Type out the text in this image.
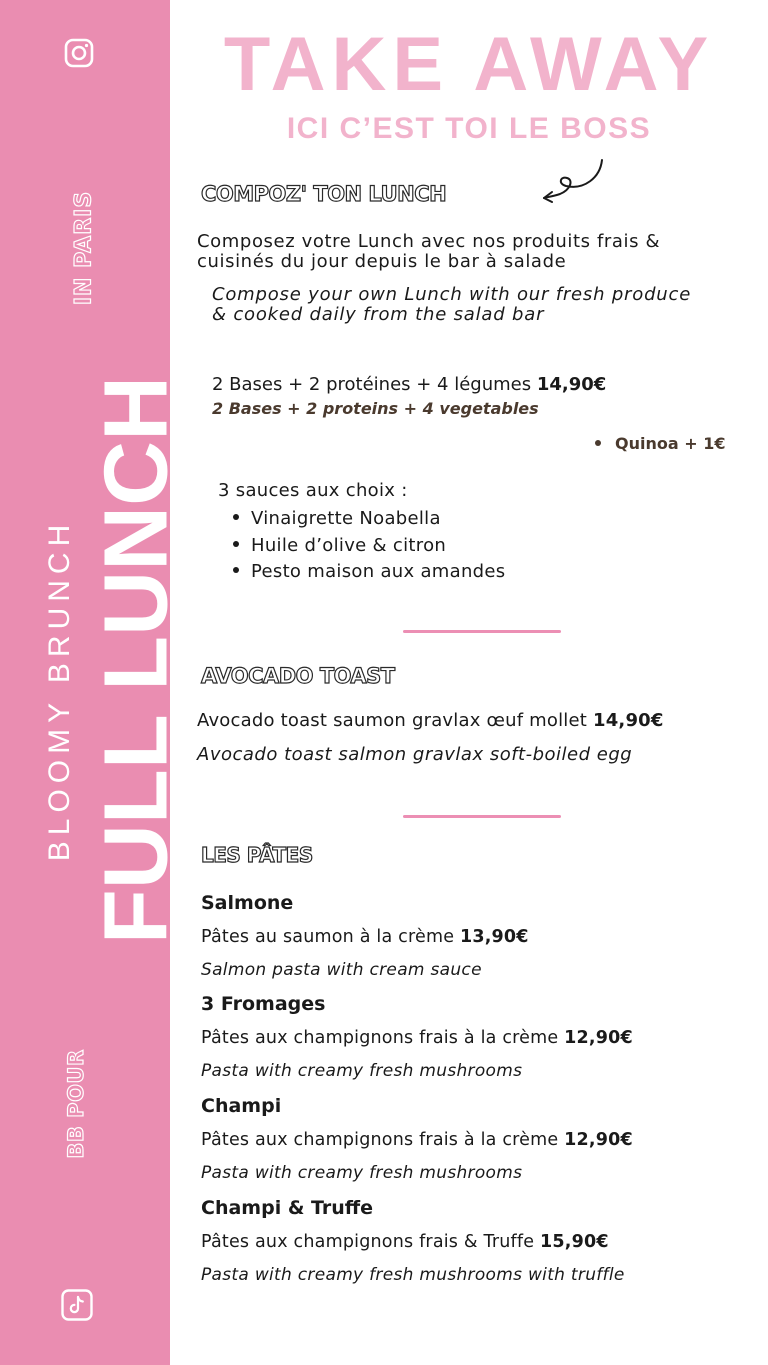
IN PARIS
BLOOMY BRUNCH FULL LUNCH
BB POUR
TAKE AWAY
ICI C’EST TOI LE BOSS
COMPOZ' TON LUNCH
Composez votre Lunch avec nos produits frais & cuisinés du jour depuis le bar à salade
Compose your own Lunch with our fresh produce & cooked daily from the salad bar
2 Bases + 2 protéines + 4 légumes 14,90€
2 Bases + 2 proteins + 4 vegetables
Quinoa + 1€
3 sauces aux choix :
Vinaigrette Noabella
Huile d’olive & citron
Pesto maison aux amandes
AVOCADO TOAST
Avocado toast saumon gravlax œuf mollet 14,90€
Avocado toast salmon gravlax soft-boiled egg
LES PÂTES
Salmone
Pâtes au saumon à la crème 13,90€
Salmon pasta with cream sauce
3 Fromages
Pâtes aux champignons frais à la crème 12,90€
Pasta with creamy fresh mushrooms
Champi
Pâtes aux champignons frais à la crème 12,90€
Pasta with creamy fresh mushrooms
Champi & Truffe
Pâtes aux champignons frais & Truffe 15,90€
Pasta with creamy fresh mushrooms with truffle
